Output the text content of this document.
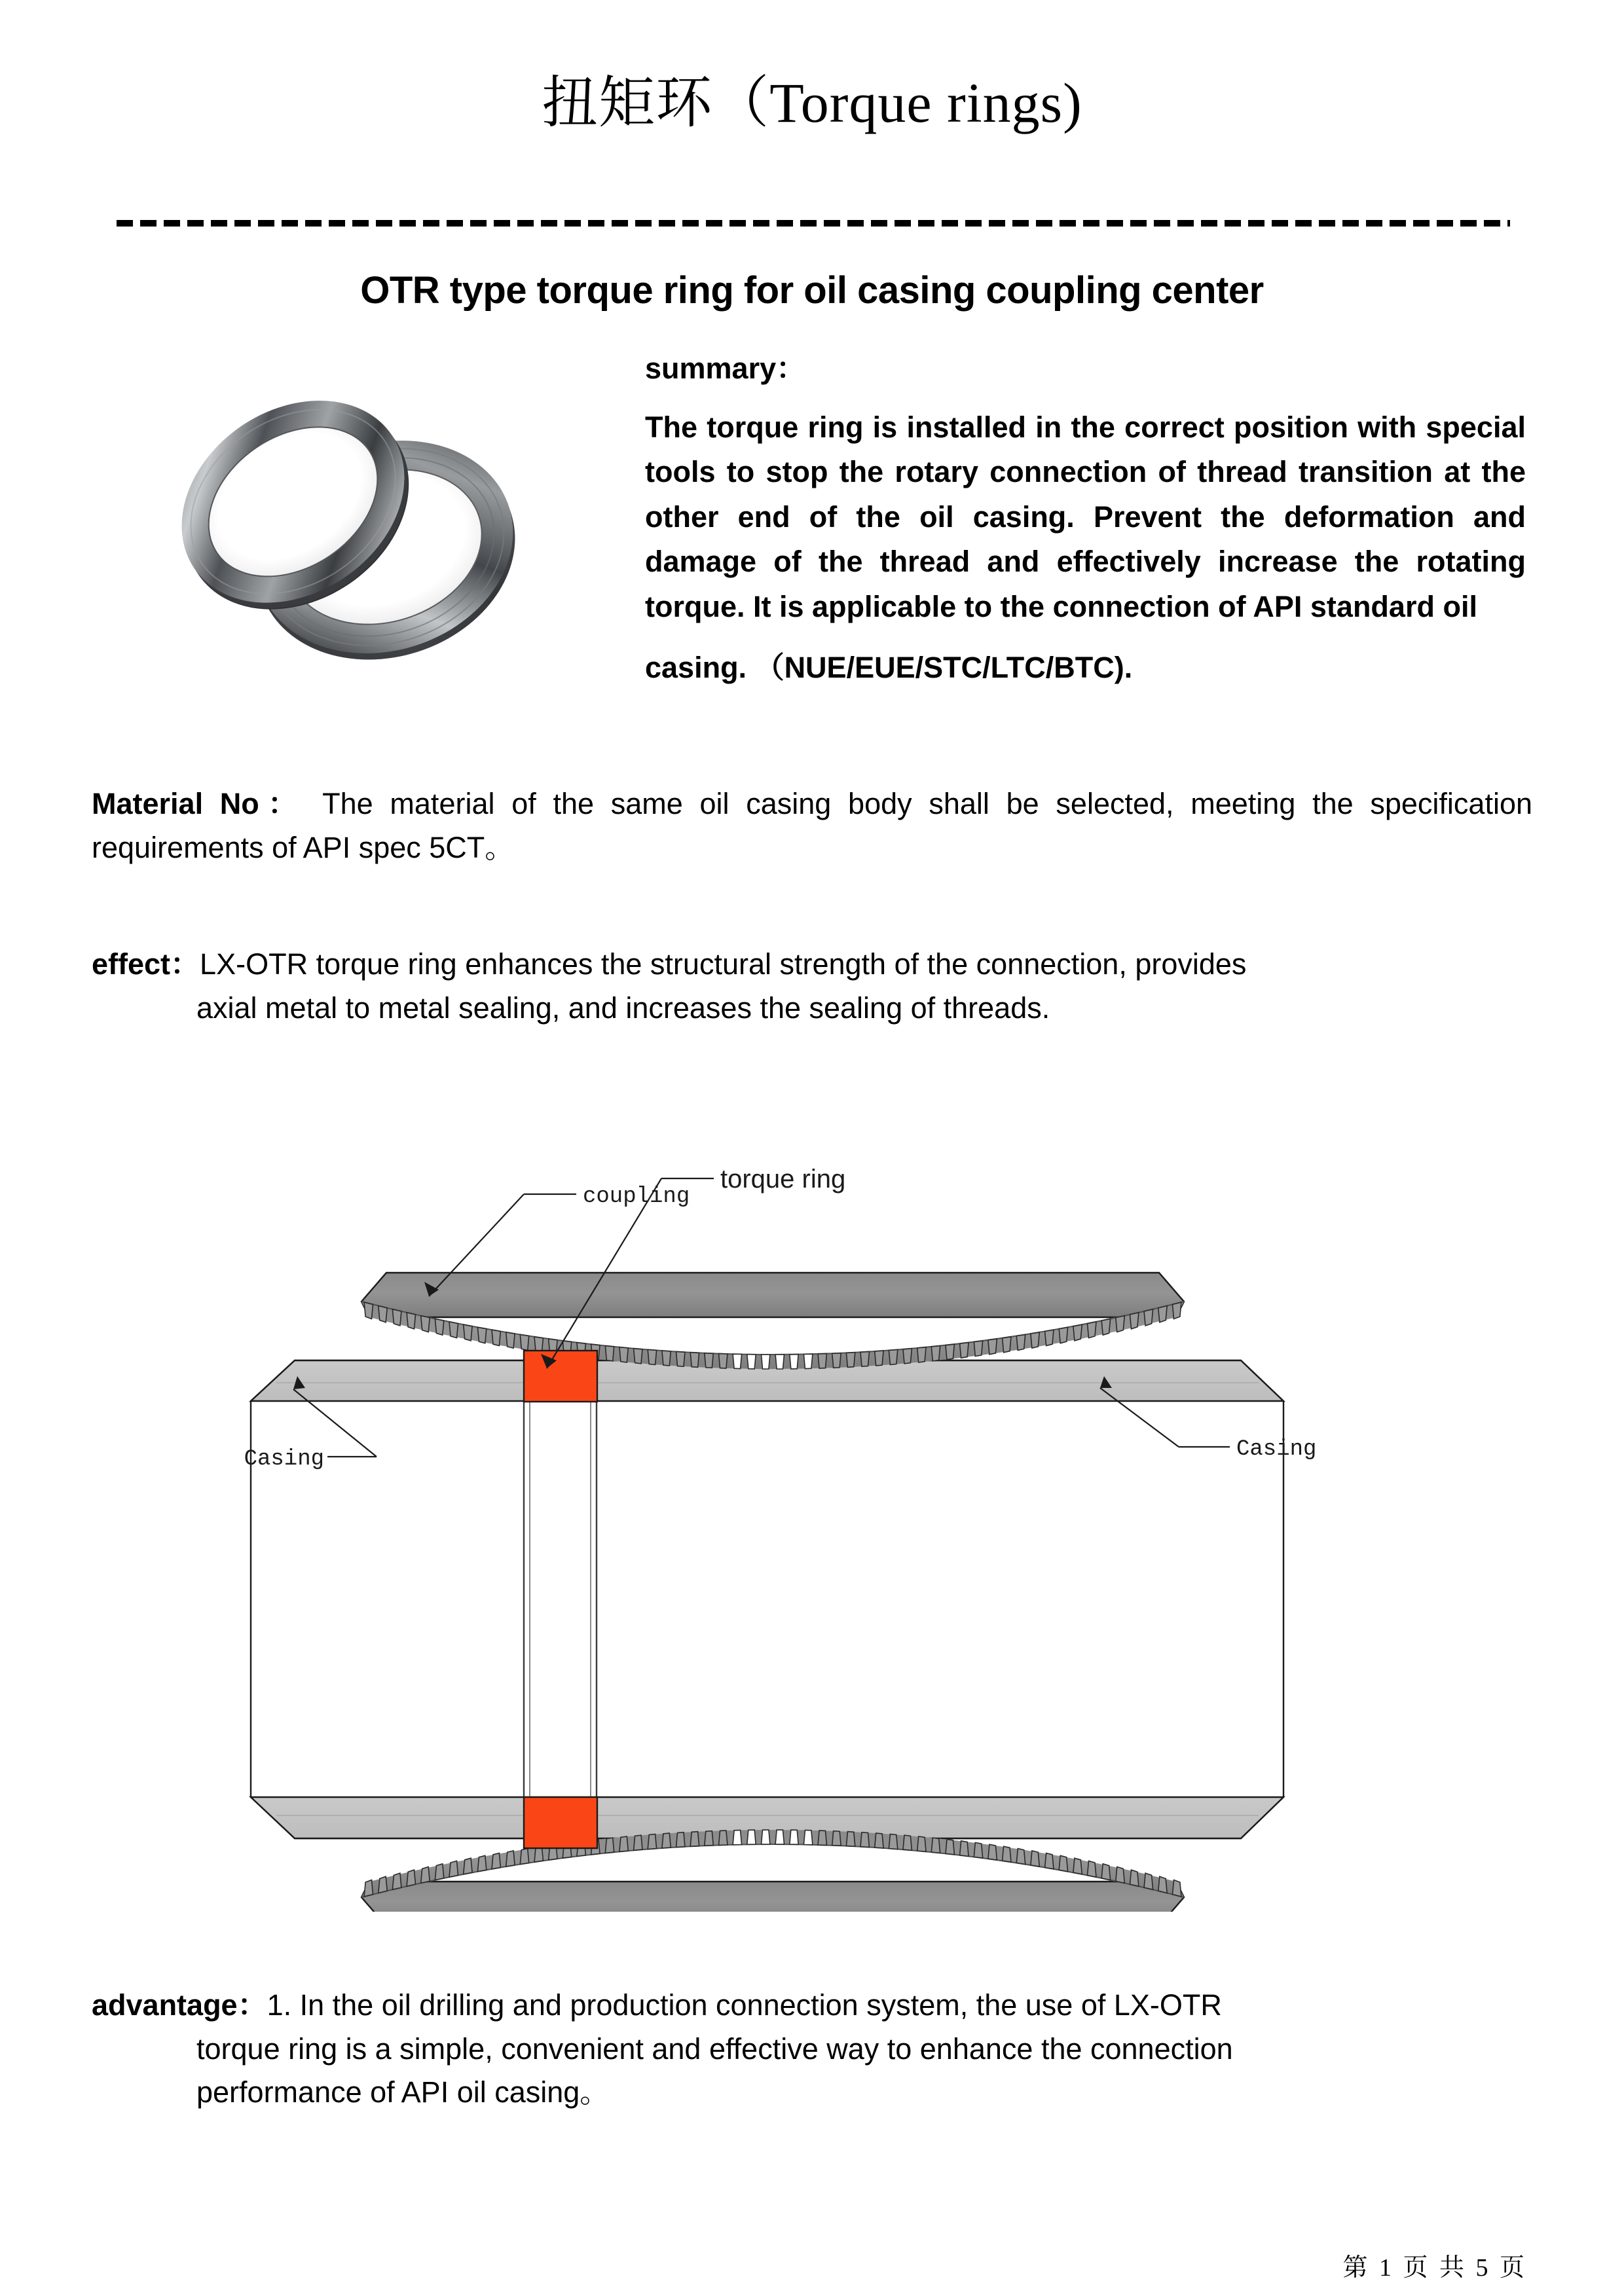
扭矩环（Torque rings)
OTR type torque ring for oil casing coupling center
summary：
The torque ring is installed in the correct position with special tools to stop the rotary connection of thread transition at the other end of the oil casing. Prevent the deformation and damage of the thread and effectively increase the rotating torque. It is applicable to the connection of API standard oil
casing. （NUE/EUE/STC/LTC/BTC).
Material No： The material of the same oil casing body shall be selected, meeting the specification requirements of API spec 5CT。
effect：LX-OTR torque ring enhances the structural strength of the connection, provides
axial metal to metal sealing, and increases the sealing of threads.
coupling
torque ring
Casing	Casing
advantage：1. In the oil drilling and production connection system, the use of LX-OTR
torque ring is a simple, convenient and effective way to enhance the connection
performance of API oil casing。
第 1 页 共 5 页
